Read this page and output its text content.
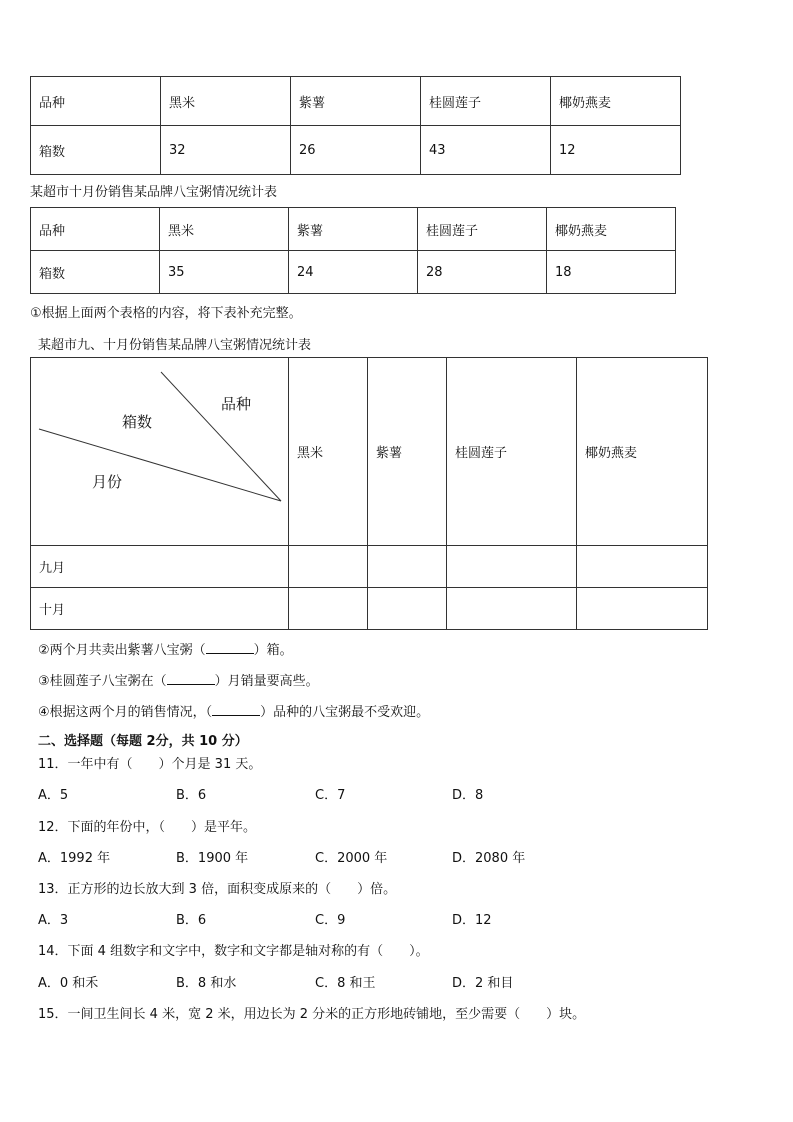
品种	黑米	紫薯	桂圆莲子	椰奶燕麦
箱数	32	26	43	12
某超市十月份销售某品牌八宝粥情况统计表
品种	黑米	紫薯	桂圆莲子	椰奶燕麦
箱数	35	24	28	18
①根据上面两个表格的内容，将下表补充完整。
某超市九、十月份销售某品牌八宝粥情况统计表
品种
箱数
月份	黑米	紫薯	桂圆莲子	椰奶燕麦
九月				
十月				
②两个月共卖出紫薯八宝粥（	）箱。
③桂圆莲子八宝粥在（	）月销量要高些。
④根据这两个月的销售情况，（	）品种的八宝粥最不受欢迎。
二、选择题（每题 2分，共 10 分）
11．一年中有（　　）个月是 31 天。
A．5	B．6	C．7	D．8
12．下面的年份中，（　　）是平年。
A．1992 年	B．1900 年	C．2000 年	D．2080 年
13．正方形的边长放大到 3 倍，面积变成原来的（　　）倍。
A．3	B．6	C．9	D．12
14．下面 4 组数字和文字中，数字和文字都是轴对称的有（　　）。
A．0 和禾	B．8 和水	C．8 和王	D．2 和目
15．一间卫生间长 4 米，宽 2 米，用边长为 2 分米的正方形地砖铺地，至少需要（　　）块。
